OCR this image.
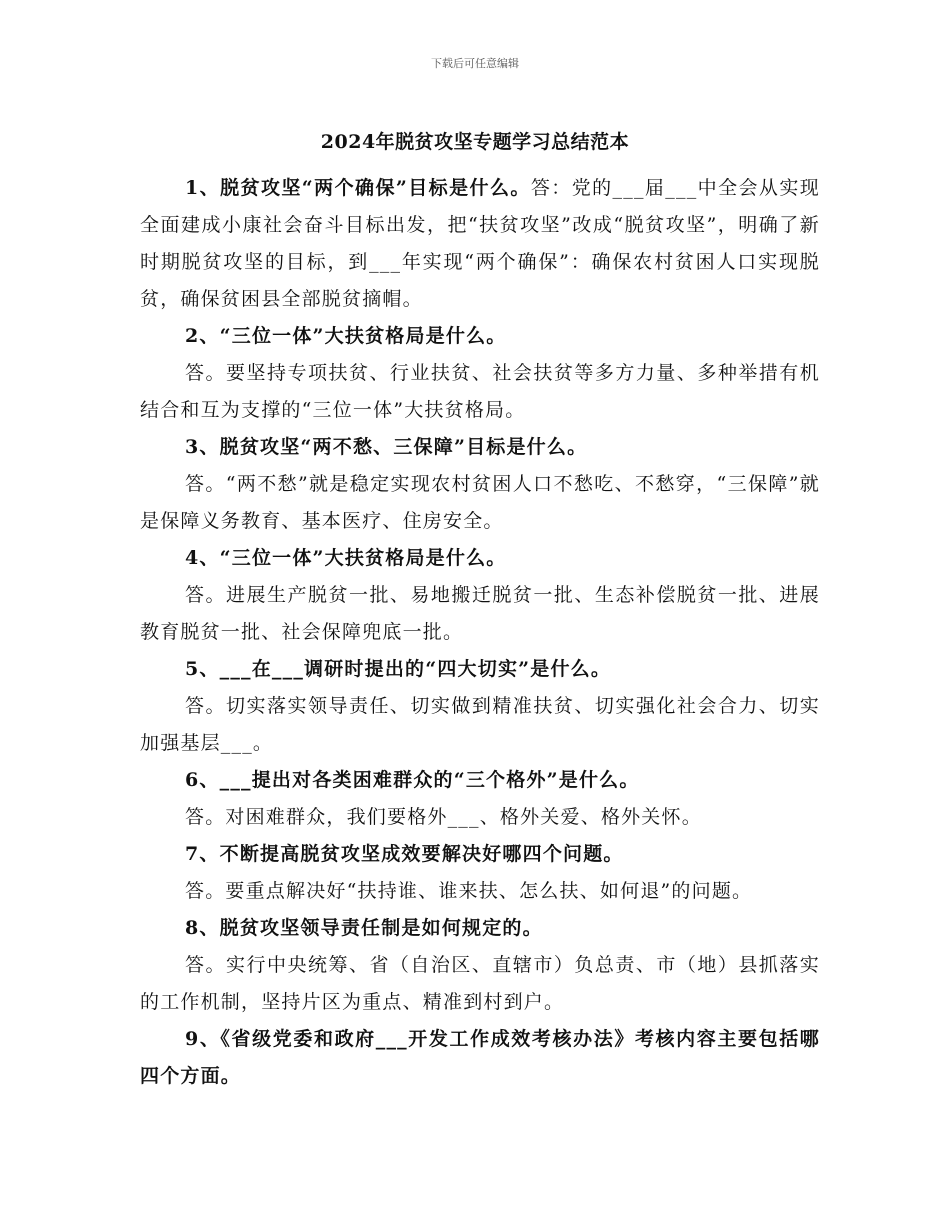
下载后可任意编辑
2024年脱贫攻坚专题学习总结范本

1、脱贫攻坚“两个确保”目标是什么。答：党的___届___中全会从实现全面建成小康社会奋斗目标出发，把“扶贫攻坚”改成“脱贫攻坚”，明确了新时期脱贫攻坚的目标，到___年实现“两个确保”：确保农村贫困人口实现脱贫，确保贫困县全部脱贫摘帽。

2、“三位一体”大扶贫格局是什么。

答。要坚持专项扶贫、行业扶贫、社会扶贫等多方力量、多种举措有机结合和互为支撑的“三位一体”大扶贫格局。

3、脱贫攻坚“两不愁、三保障”目标是什么。

答。“两不愁”就是稳定实现农村贫困人口不愁吃、不愁穿，“三保障”就是保障义务教育、基本医疗、住房安全。

4、“三位一体”大扶贫格局是什么。

答。进展生产脱贫一批、易地搬迁脱贫一批、生态补偿脱贫一批、进展教育脱贫一批、社会保障兜底一批。

5、___在___调研时提出的“四大切实”是什么。

答。切实落实领导责任、切实做到精准扶贫、切实强化社会合力、切实加强基层___。

6、___提出对各类困难群众的“三个格外”是什么。

答。对困难群众，我们要格外___、格外关爱、格外关怀。

7、不断提高脱贫攻坚成效要解决好哪四个问题。

答。要重点解决好“扶持谁、谁来扶、怎么扶、如何退”的问题。

8、脱贫攻坚领导责任制是如何规定的。

答。实行中央统筹、省（自治区、直辖市）负总责、市（地）县抓落实的工作机制，坚持片区为重点、精准到村到户。

9、《省级党委和政府___开发工作成效考核办法》考核内容主要包括哪四个方面。
